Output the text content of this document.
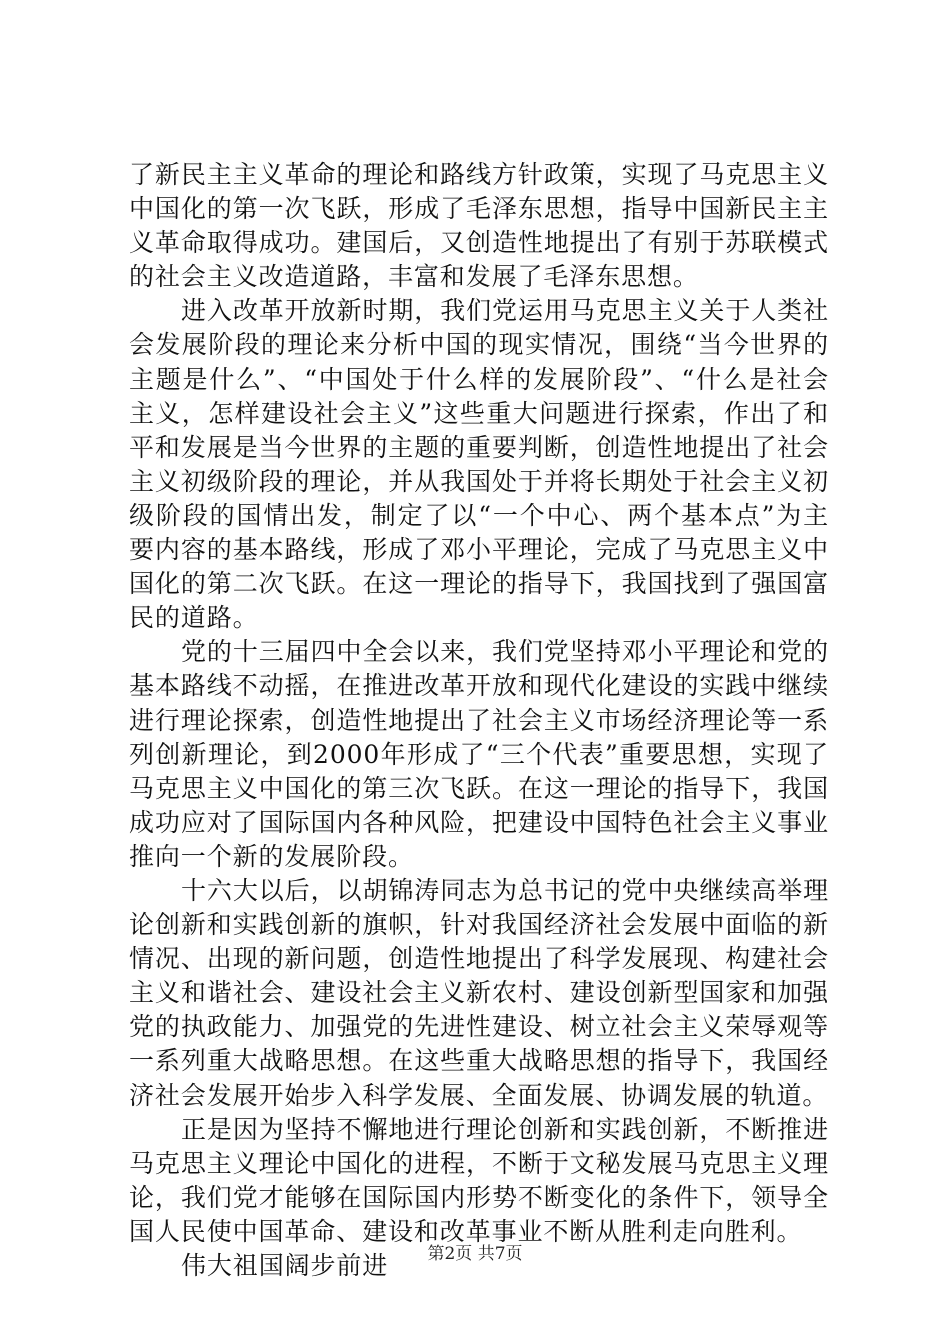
了新民主主义革命的理论和路线方针政策，实现了马克思主义中国化的第一次飞跃，形成了毛泽东思想，指导中国新民主主义革命取得成功。建国后，又创造性地提出了有别于苏联模式的社会主义改造道路，丰富和发展了毛泽东思想。

进入改革开放新时期，我们党运用马克思主义关于人类社会发展阶段的理论来分析中国的现实情况，围绕“当今世界的主题是什么”、“中国处于什么样的发展阶段”、“什么是社会主义，怎样建设社会主义”这些重大问题进行探索，作出了和平和发展是当今世界的主题的重要判断，创造性地提出了社会主义初级阶段的理论，并从我国处于并将长期处于社会主义初级阶段的国情出发，制定了以“一个中心、两个基本点”为主要内容的基本路线，形成了邓小平理论，完成了马克思主义中国化的第二次飞跃。在这一理论的指导下，我国找到了强国富民的道路。

党的十三届四中全会以来，我们党坚持邓小平理论和党的基本路线不动摇，在推进改革开放和现代化建设的实践中继续进行理论探索，创造性地提出了社会主义市场经济理论等一系列创新理论，到2000年形成了“三个代表”重要思想，实现了马克思主义中国化的第三次飞跃。在这一理论的指导下，我国成功应对了国际国内各种风险，把建设中国特色社会主义事业推向一个新的发展阶段。

十六大以后，以胡锦涛同志为总书记的党中央继续高举理论创新和实践创新的旗帜，针对我国经济社会发展中面临的新情况、出现的新问题，创造性地提出了科学发展现、构建社会主义和谐社会、建设社会主义新农村、建设创新型国家和加强党的执政能力、加强党的先进性建设、树立社会主义荣辱观等一系列重大战略思想。在这些重大战略思想的指导下，我国经济社会发展开始步入科学发展、全面发展、协调发展的轨道。

正是因为坚持不懈地进行理论创新和实践创新，不断推进马克思主义理论中国化的进程，不断于文秘发展马克思主义理论，我们党才能够在国际国内形势不断变化的条件下，领导全国人民使中国革命、建设和改革事业不断从胜利走向胜利。

伟大祖国阔步前进	第2页 共7页
